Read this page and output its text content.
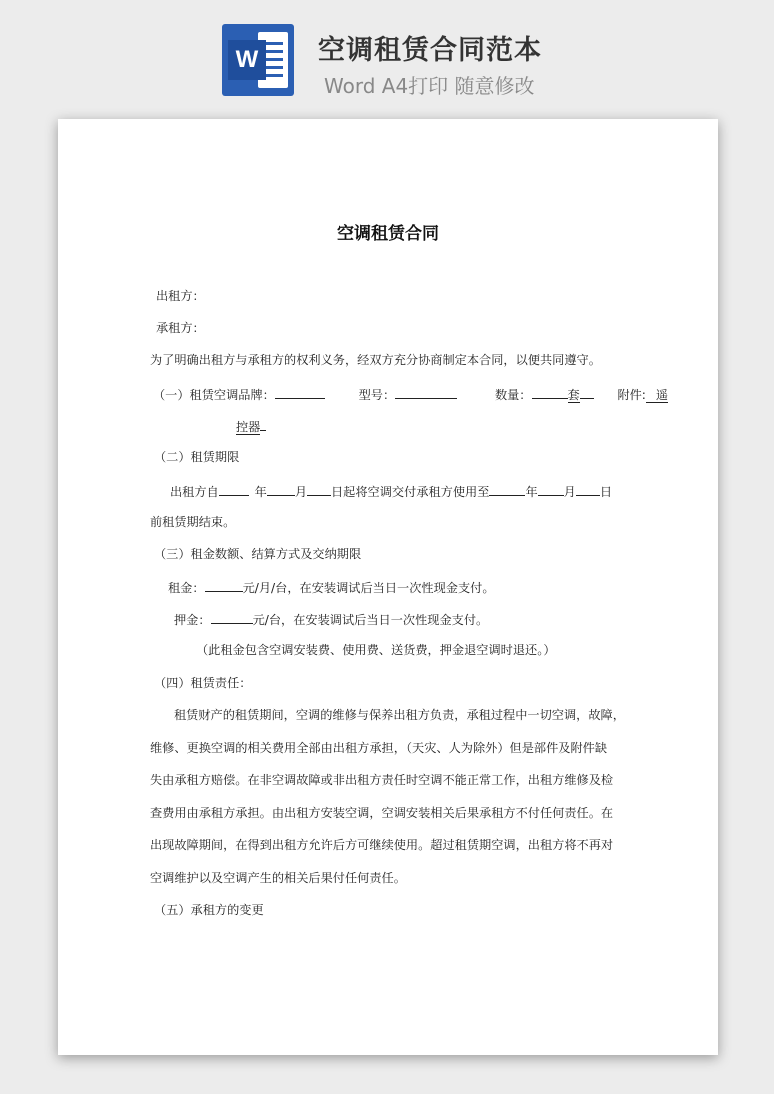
W 空调租赁合同范本
Word A4打印 随意修改
空调租赁合同
出租方：
承租方：
为了明确出租方与承租方的权利义务，经双方充分协商制定本合同，以便共同遵守。
（一）租赁空调品牌：	型号：	数量：	套	附件: 遥
控器
（二）租赁期限
出租方自	年 月 日起将空调交付承租方使用至	年 月 日
前租赁期结束。
（三）租金数额、结算方式及交纳期限
租金：	元/月/台，在安装调试后当日一次性现金支付。
押金：	元/台，在安装调试后当日一次性现金支付。
（此租金包含空调安装费、使用费、送货费，押金退空调时退还。）
（四）租赁责任：
租赁财产的租赁期间，空调的维修与保养出租方负责，承租过程中一切空调，故障，
维修、更换空调的相关费用全部由出租方承担，（天灾、人为除外）但是部件及附件缺
失由承租方赔偿。在非空调故障或非出租方责任时空调不能正常工作，出租方维修及检
查费用由承租方承担。由出租方安装空调，空调安装相关后果承租方不付任何责任。在
出现故障期间，在得到出租方允许后方可继续使用。超过租赁期空调，出租方将不再对
空调维护以及空调产生的相关后果付任何责任。
（五）承租方的变更
